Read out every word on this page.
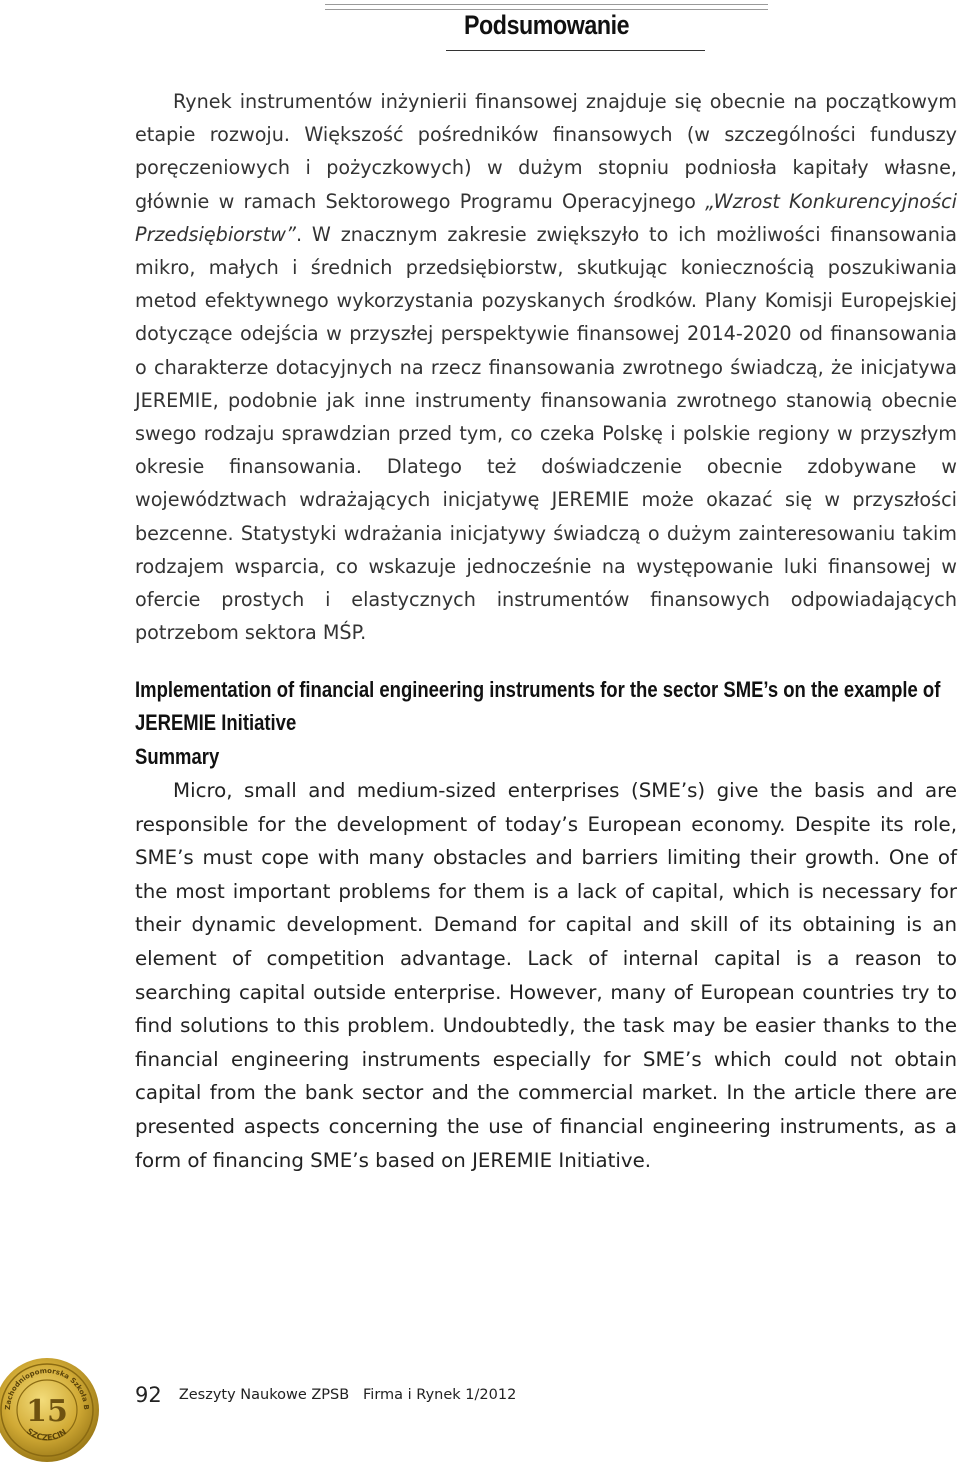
Podsumowanie

Rynek instrumentów inżynierii finansowej znajduje się obecnie na początkowym etapie rozwoju. Większość pośredników finansowych (w szczególności funduszy poręczeniowych i pożyczkowych) w dużym stopniu podniosła kapitały własne, głównie w ramach Sektorowego Programu Operacyjnego „Wzrost Konkurencyjności Przedsiębiorstw”. W znacznym zakresie zwiększyło to ich możliwości finansowania mikro, małych i średnich przedsiębiorstw, skutkując koniecznością poszukiwania metod efektywnego wykorzystania pozyskanych środków. Plany Komisji Europejskiej dotyczące odejścia w przyszłej perspektywie finansowej 2014-2020 od finansowania o charakterze dotacyjnych na rzecz finansowania zwrotnego świadczą, że inicjatywa JEREMIE, podobnie jak inne instrumenty finansowania zwrotnego stanowią obecnie swego rodzaju sprawdzian przed tym, co czeka Polskę i polskie regiony w przyszłym okresie finansowania. Dlatego też doświadczenie obecnie zdobywane w województwach wdrażających inicjatywę JEREMIE może okazać się w przyszłości bezcenne. Statystyki wdrażania inicjatywy świadczą o dużym zainteresowaniu takim rodzajem wsparcia, co wskazuje jednocześnie na występowanie luki finansowej w ofercie prostych i elastycznych instrumentów finansowych odpowiadających potrzebom sektora MŚP.

Implementation of financial engineering instruments for the sector SME’s on the example of
JEREMIE Initiative
Summary

Micro, small and medium-sized enterprises (SME’s) give the basis and are responsible for the development of today’s European economy. Despite its role, SME’s must cope with many obstacles and barriers limiting their growth. One of the most important problems for them is a lack of capital, which is necessary for their dynamic development. Demand for capital and skill of its obtaining is an element of competition advantage. Lack of internal capital is a reason to searching capital outside enterprise. However, many of European countries try to find solutions to this problem. Undoubtedly, the task may be easier thanks to the financial engineering instruments especially for SME’s which could not obtain capital from the bank sector and the commercial market. In the article there are presented aspects concerning the use of financial engineering instruments, as a form of financing SME’s based on JEREMIE Initiative.

Zachodniopomorska Szkoła B
SZCZECIN
15	92 Zeszyty Naukowe ZPSB   Firma i Rynek 1/2012
